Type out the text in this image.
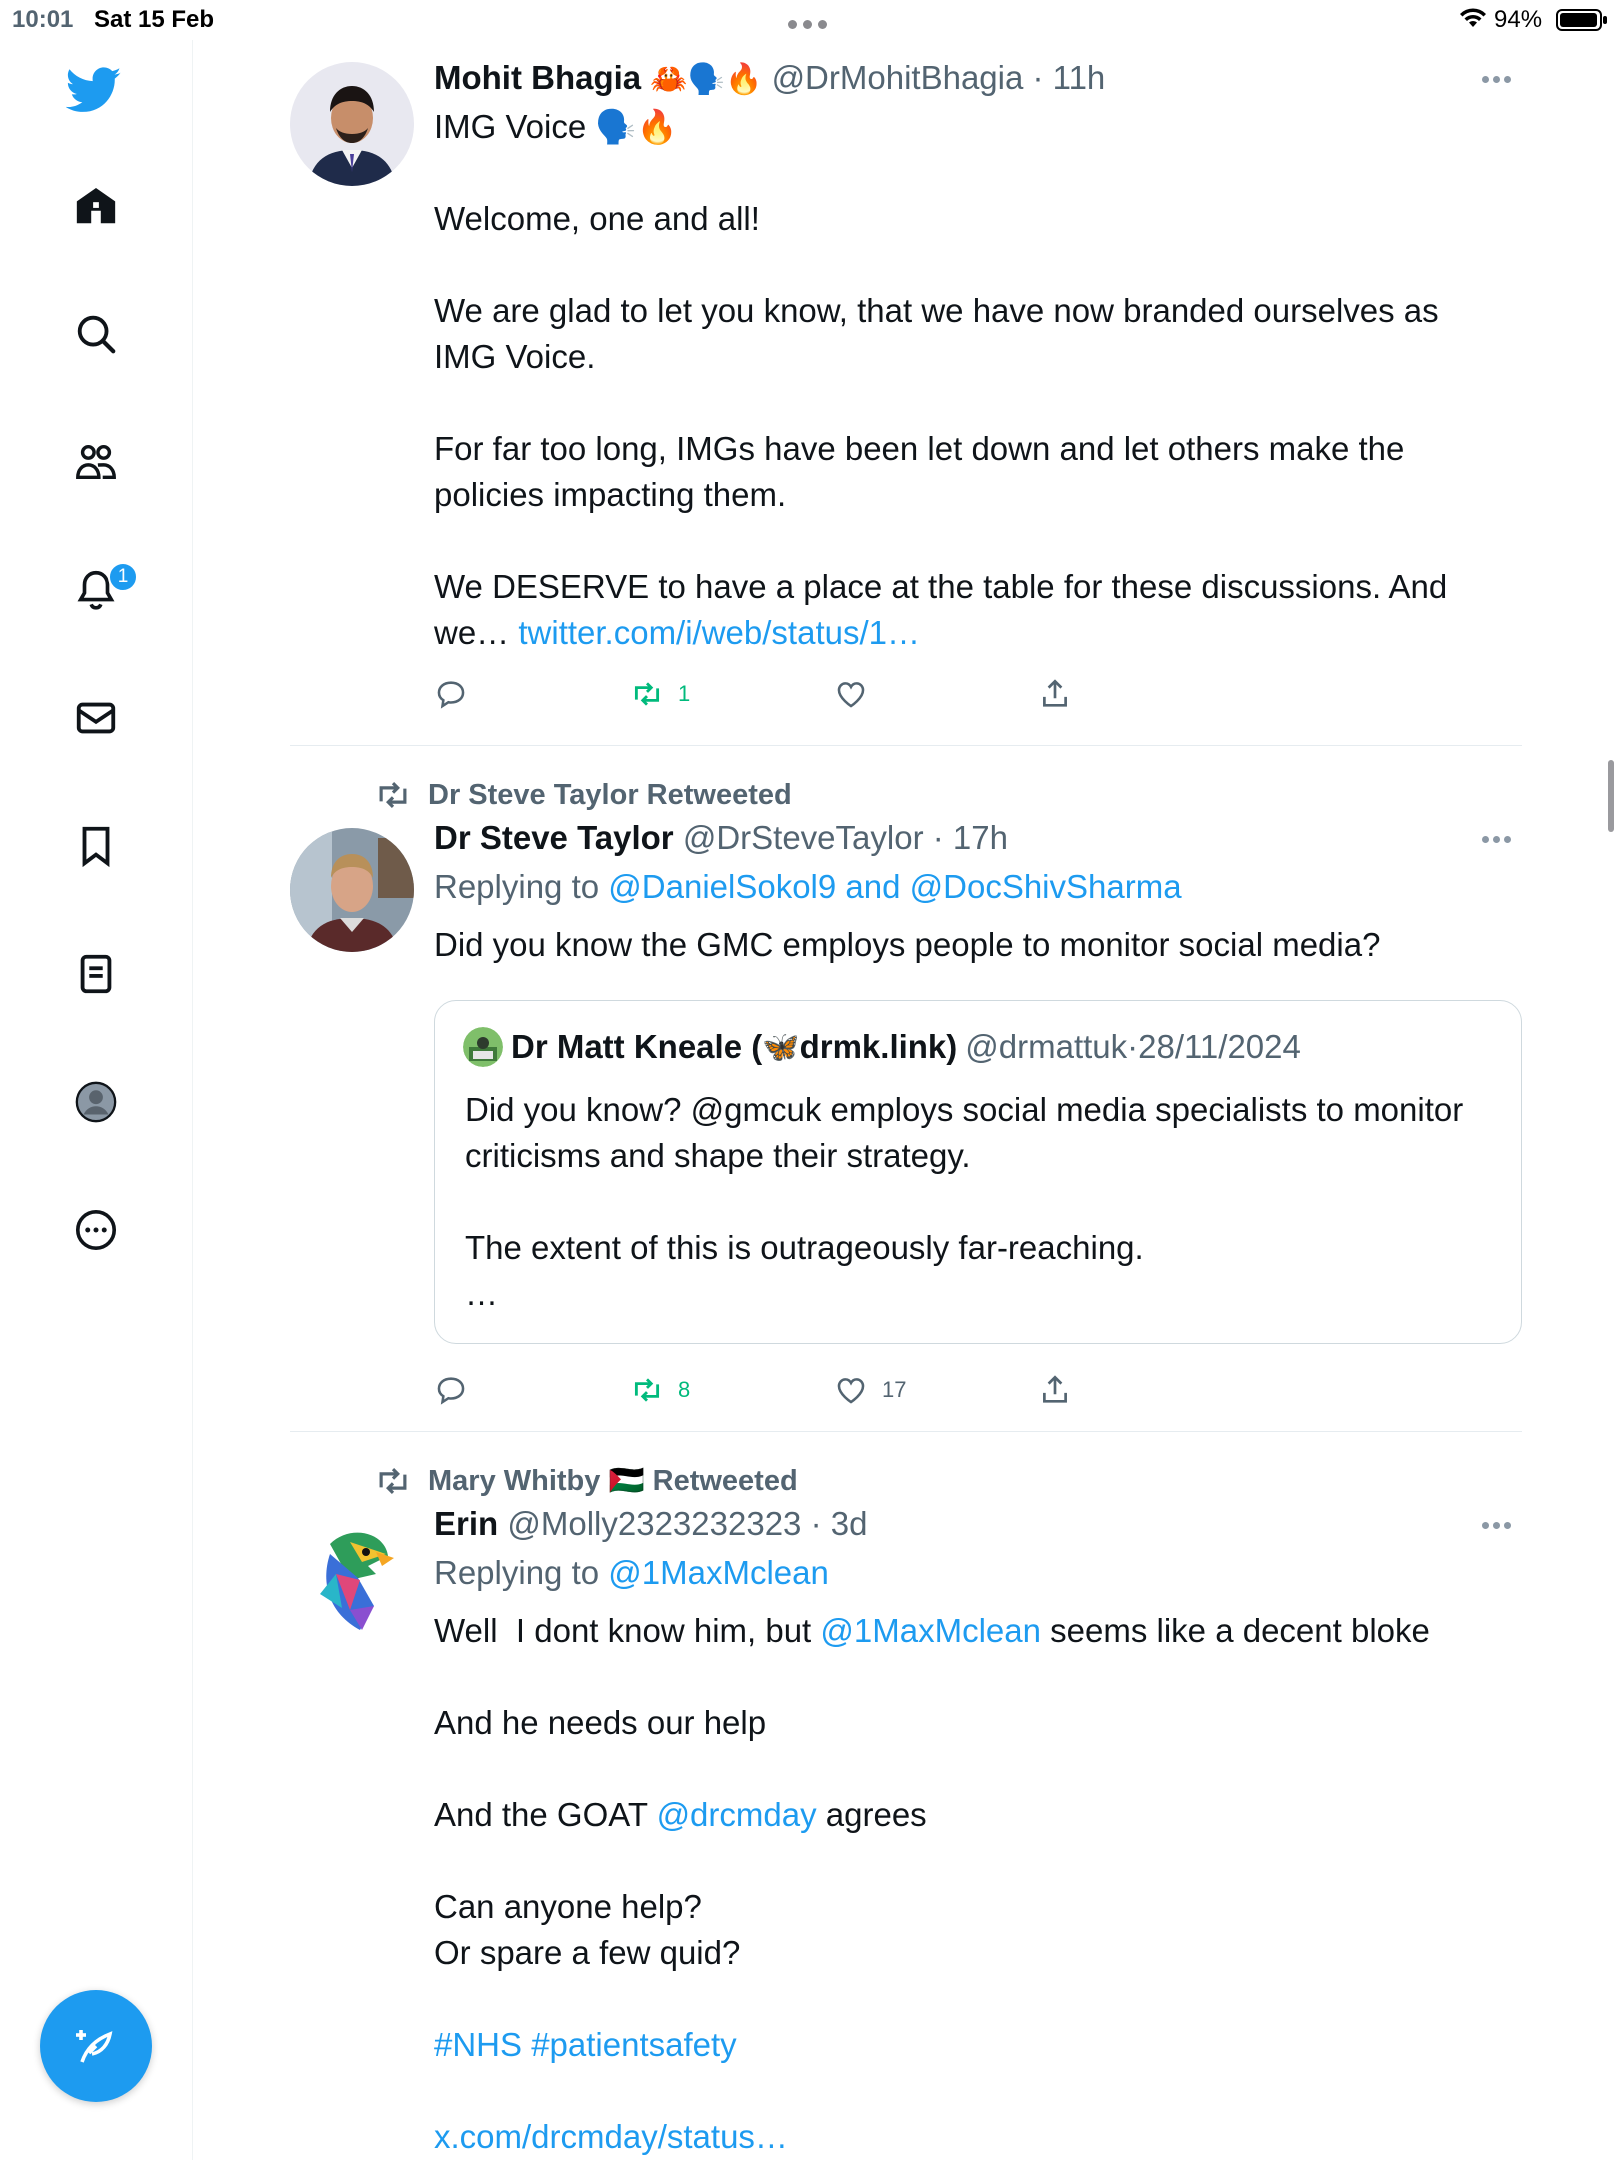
10:01 Sat 15 Feb	94%
1
Mohit Bhagia 🦀🗣️🔥 @DrMohitBhagia · 11h
IMG Voice 🗣️🔥
Welcome, one and all!
We are glad to let you know, that we have now branded ourselves as
IMG Voice.
For far too long, IMGs have been let down and let others make the
policies impacting them.
We DESERVE to have a place at the table for these discussions. And
we… twitter.com/i/web/status/1…
1
Dr Steve Taylor Retweeted
Dr Steve Taylor @DrSteveTaylor · 17h
Replying to @DanielSokol9 and @DocShivSharma
Did you know the GMC employs people to monitor social media?
Dr Matt Kneale ( 🦋 drmk.link) @drmattuk · 28/11/2024
Did you know? @gmcuk employs social media specialists to monitor
criticisms and shape their strategy.
The extent of this is outrageously far-reaching.
…
8	17
Mary Whitby
🇵🇸
Retweeted
Erin @Molly2323232323 · 3d
Replying to @1MaxMclean
Well  I dont know him, but @1MaxMclean seems like a decent bloke
And he needs our help
And the GOAT @drcmday agrees
Can anyone help?
Or spare a few quid?
#NHS #patientsafety
x.com/drcmday/status…
